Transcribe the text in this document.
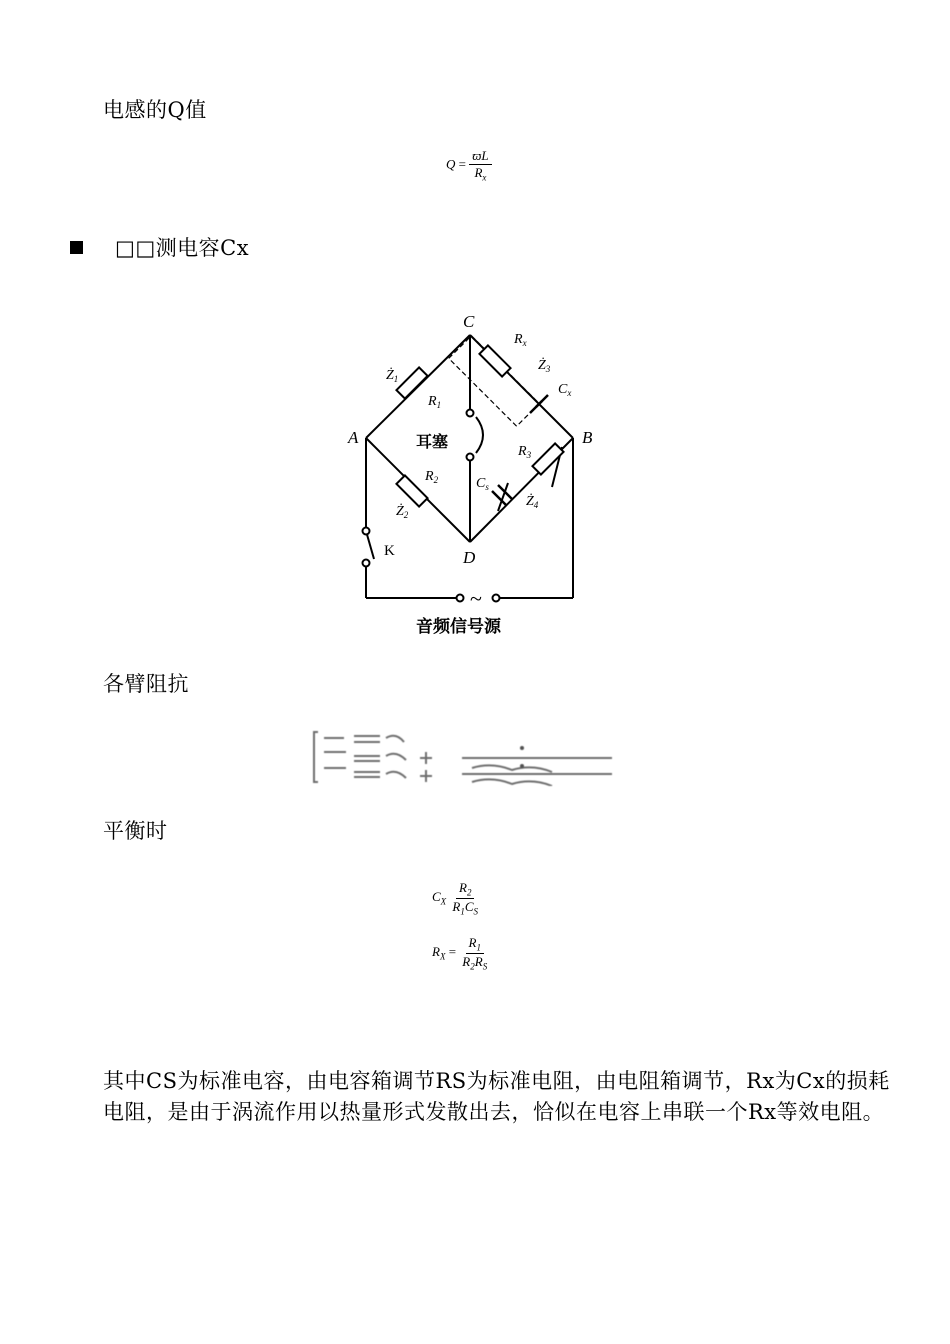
电感的Q值
$Q = \frac{ϖL}{R_x}$
□□测电容Cx
C
A	B
D
$Ż_1$
$R_1$
$R_2$
$Ż_2$
$R_x$
$Ż_3$
$C_x$
$R_3$
$C_s$
$Ż_4$
耳塞
K
~
音频信号源
各臂阻抗
平衡时
$C_X \frac{R_2}{R_1C_S}$
$R_X = \frac{R_1}{R_2R_S}$
其中CS为标准电容，由电容箱调节RS为标准电阻，由电阻箱调节，Rx为Cx的损耗电阻，是由于涡流作用以热量形式发散出去，恰似在电容上串联一个Rx等效电阻。
